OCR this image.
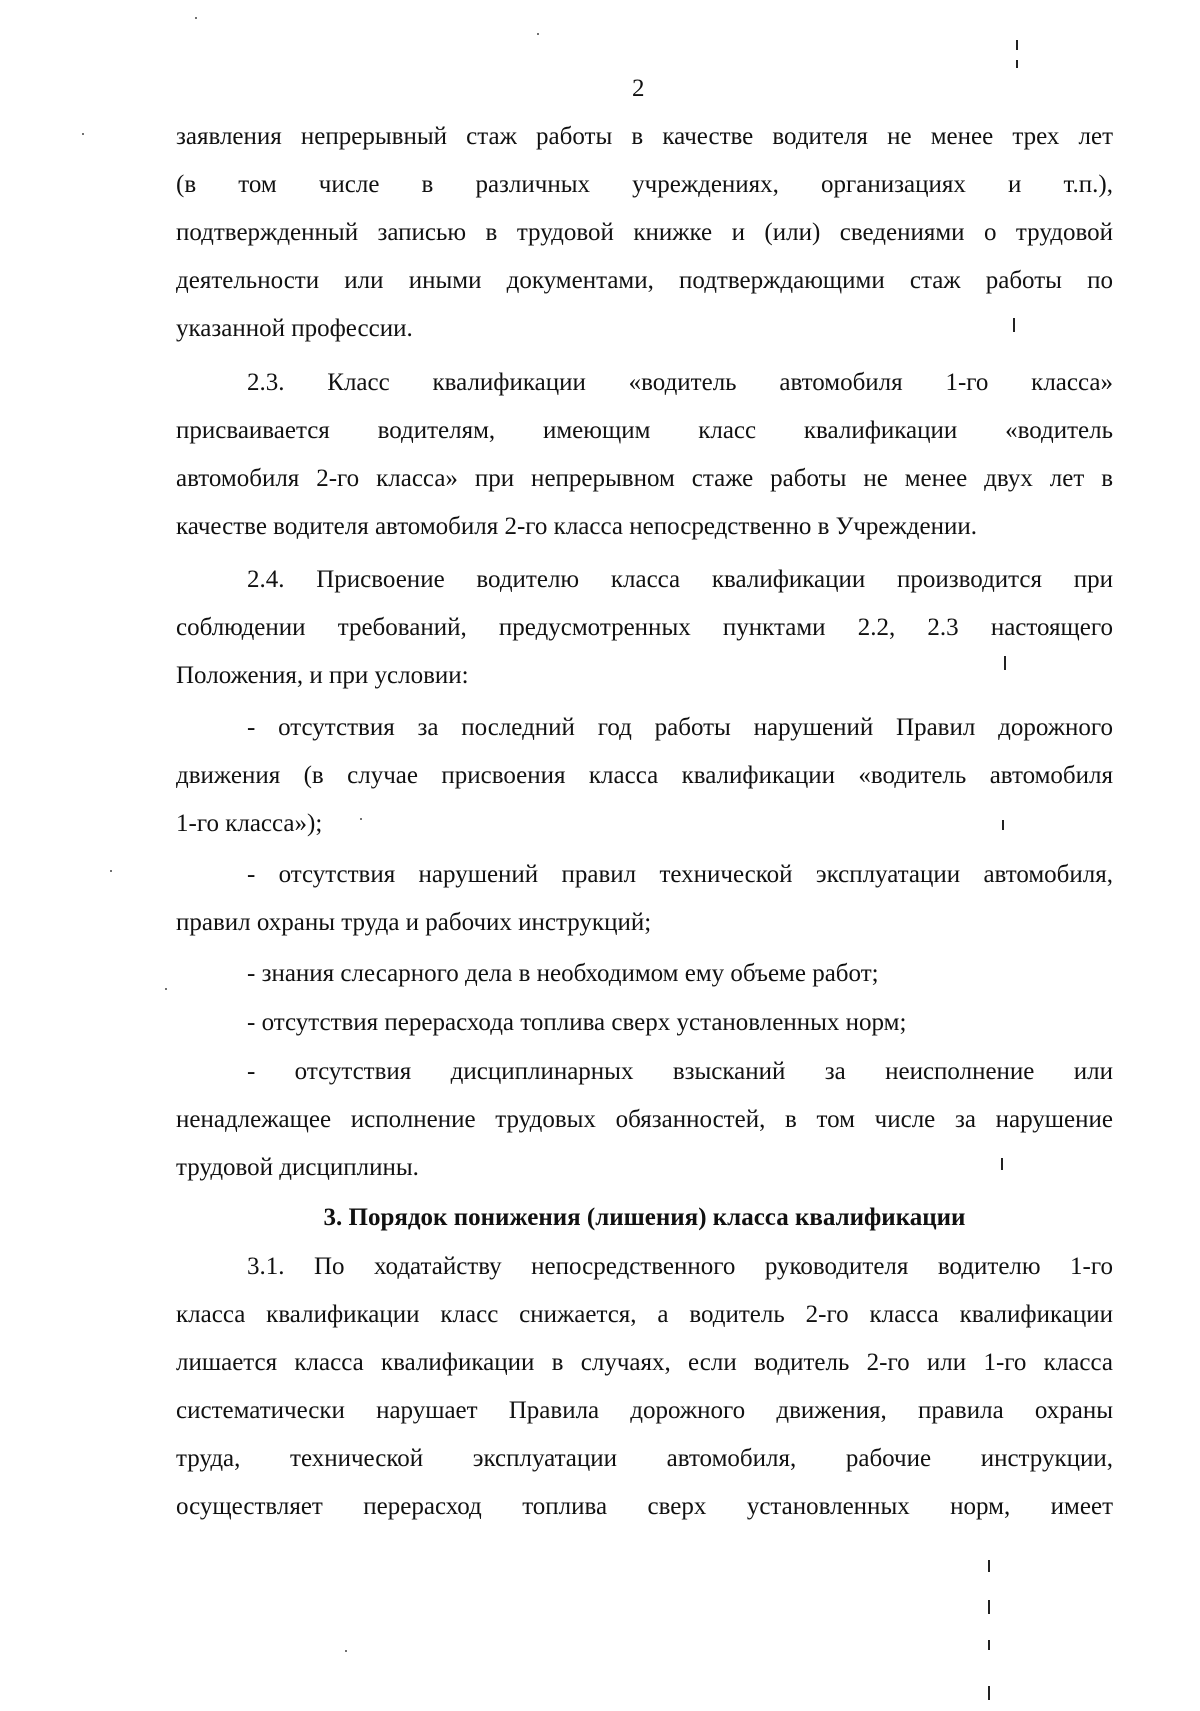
2
заявления непрерывный стаж работы в качестве водителя не менее трех лет
(в том числе в различных учреждениях, организациях и т.п.),
подтвержденный записью в трудовой книжке и (или) сведениями о трудовой
деятельности или иными документами, подтверждающими стаж работы по
указанной профессии.
2.3. Класс квалификации «водитель автомобиля 1-го класса»
присваивается водителям, имеющим класс квалификации «водитель
автомобиля 2-го класса» при непрерывном стаже работы не менее двух лет в
качестве водителя автомобиля 2-го класса непосредственно в Учреждении.
2.4. Присвоение водителю класса квалификации производится при
соблюдении требований, предусмотренных пунктами 2.2, 2.3 настоящего
Положения, и при условии:
- отсутствия за последний год работы нарушений Правил дорожного
движения (в случае присвоения класса квалификации «водитель автомобиля
1-го класса»);
- отсутствия нарушений правил технической эксплуатации автомобиля,
правил охраны труда и рабочих инструкций;
- знания слесарного дела в необходимом ему объеме работ;
- отсутствия перерасхода топлива сверх установленных норм;
- отсутствия дисциплинарных взысканий за неисполнение или
ненадлежащее исполнение трудовых обязанностей, в том числе за нарушение
трудовой дисциплины.
3. Порядок понижения (лишения) класса квалификации
3.1. По ходатайству непосредственного руководителя водителю 1-го
класса квалификации класс снижается, а водитель 2-го класса квалификации
лишается класса квалификации в случаях, если водитель 2-го или 1-го класса
систематически нарушает Правила дорожного движения, правила охраны
труда, технической эксплуатации автомобиля, рабочие инструкции,
осуществляет перерасход топлива сверх установленных норм, имеет
